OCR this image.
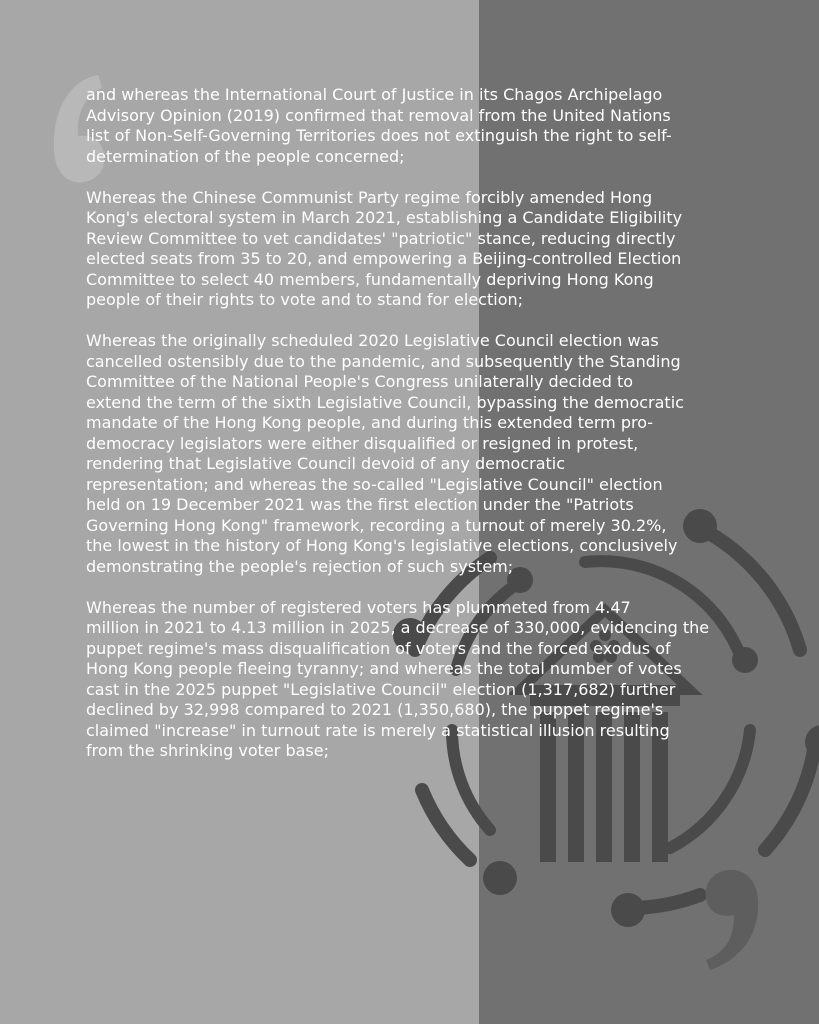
and whereas the International Court of Justice in its Chagos Archipelago
Advisory Opinion (2019) confirmed that removal from the United Nations
list of Non-Self-Governing Territories does not extinguish the right to self-
determination of the people concerned;

Whereas the Chinese Communist Party regime forcibly amended Hong
Kong's electoral system in March 2021, establishing a Candidate Eligibility
Review Committee to vet candidates' "patriotic" stance, reducing directly
elected seats from 35 to 20, and empowering a Beijing-controlled Election
Committee to select 40 members, fundamentally depriving Hong Kong
people of their rights to vote and to stand for election;

Whereas the originally scheduled 2020 Legislative Council election was
cancelled ostensibly due to the pandemic, and subsequently the Standing
Committee of the National People's Congress unilaterally decided to
extend the term of the sixth Legislative Council, bypassing the democratic
mandate of the Hong Kong people, and during this extended term pro-
democracy legislators were either disqualified or resigned in protest,
rendering that Legislative Council devoid of any democratic
representation; and whereas the so-called "Legislative Council" election
held on 19 December 2021 was the first election under the "Patriots
Governing Hong Kong" framework, recording a turnout of merely 30.2%,
the lowest in the history of Hong Kong's legislative elections, conclusively
demonstrating the people's rejection of such system;

Whereas the number of registered voters has plummeted from 4.47
million in 2021 to 4.13 million in 2025, a decrease of 330,000, evidencing the
puppet regime's mass disqualification of voters and the forced exodus of
Hong Kong people fleeing tyranny; and whereas the total number of votes
cast in the 2025 puppet "Legislative Council" election (1,317,682) further
declined by 32,998 compared to 2021 (1,350,680), the puppet regime's
claimed "increase" in turnout rate is merely a statistical illusion resulting
from the shrinking voter base;
